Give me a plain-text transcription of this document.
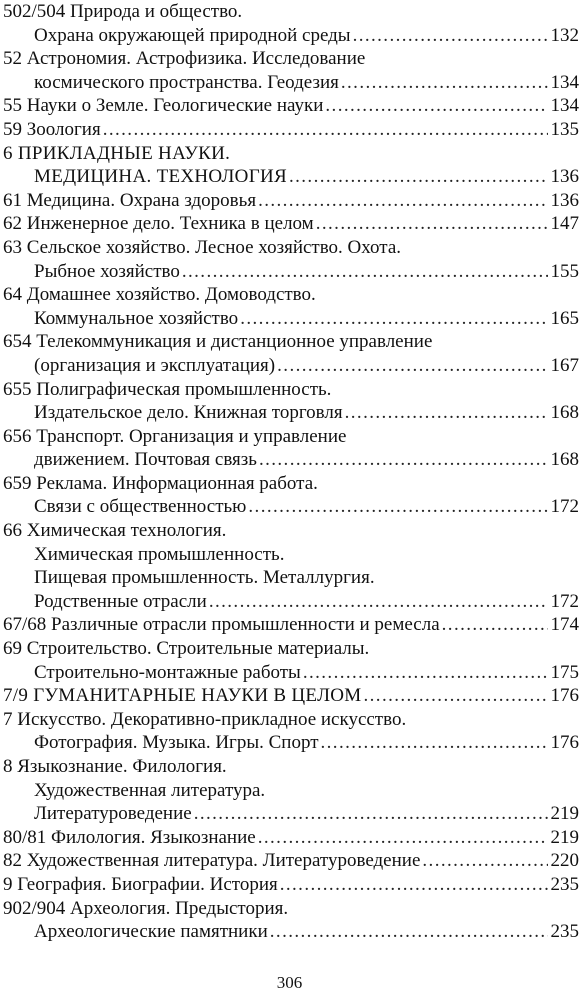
502/504 Природа и общество.
Охрана окружающей природной среды .....	132
52 Астрономия. Астрофизика. Исследование
космического пространства. Геодезия .....	134
55 Науки о Земле. Геологические науки .....	134
59 Зоология .....	135
6 ПРИКЛАДНЫЕ НАУКИ.
МЕДИЦИНА. ТЕХНОЛОГИЯ .....	136
61 Медицина. Охрана здоровья .....	136
62 Инженерное дело. Техника в целом .....	147
63 Сельское хозяйство. Лесное хозяйство. Охота.
Рыбное хозяйство .....	155
64 Домашнее хозяйство. Домоводство.
Коммунальное хозяйство .....	165
654 Телекоммуникация и дистанционное управление
(организация и эксплуатация) .....	167
655 Полиграфическая промышленность.
Издательское дело. Книжная торговля .....	168
656 Транспорт. Организация и управление
движением. Почтовая связь .....	168
659 Реклама. Информационная работа.
Связи с общественностью .....	172
66 Химическая технология.
Химическая промышленность.
Пищевая промышленность. Металлургия.
Родственные отрасли .....	172
67/68 Различные отрасли промышленности и ремесла .....	174
69 Строительство. Строительные материалы.
Строительно-монтажные работы .....	175
7/9 ГУМАНИТАРНЫЕ НАУКИ В ЦЕЛОМ .....	176
7 Искусство. Декоративно-прикладное искусство.
Фотография. Музыка. Игры. Спорт .....	176
8 Языкознание. Филология.
Художественная литература.
Литературоведение .....	219
80/81 Филология. Языкознание .....	219
82 Художественная литература. Литературоведение .....	220
9 География. Биографии. История .....	235
902/904 Археология. Предыстория.
Археологические памятники .....	235
306
